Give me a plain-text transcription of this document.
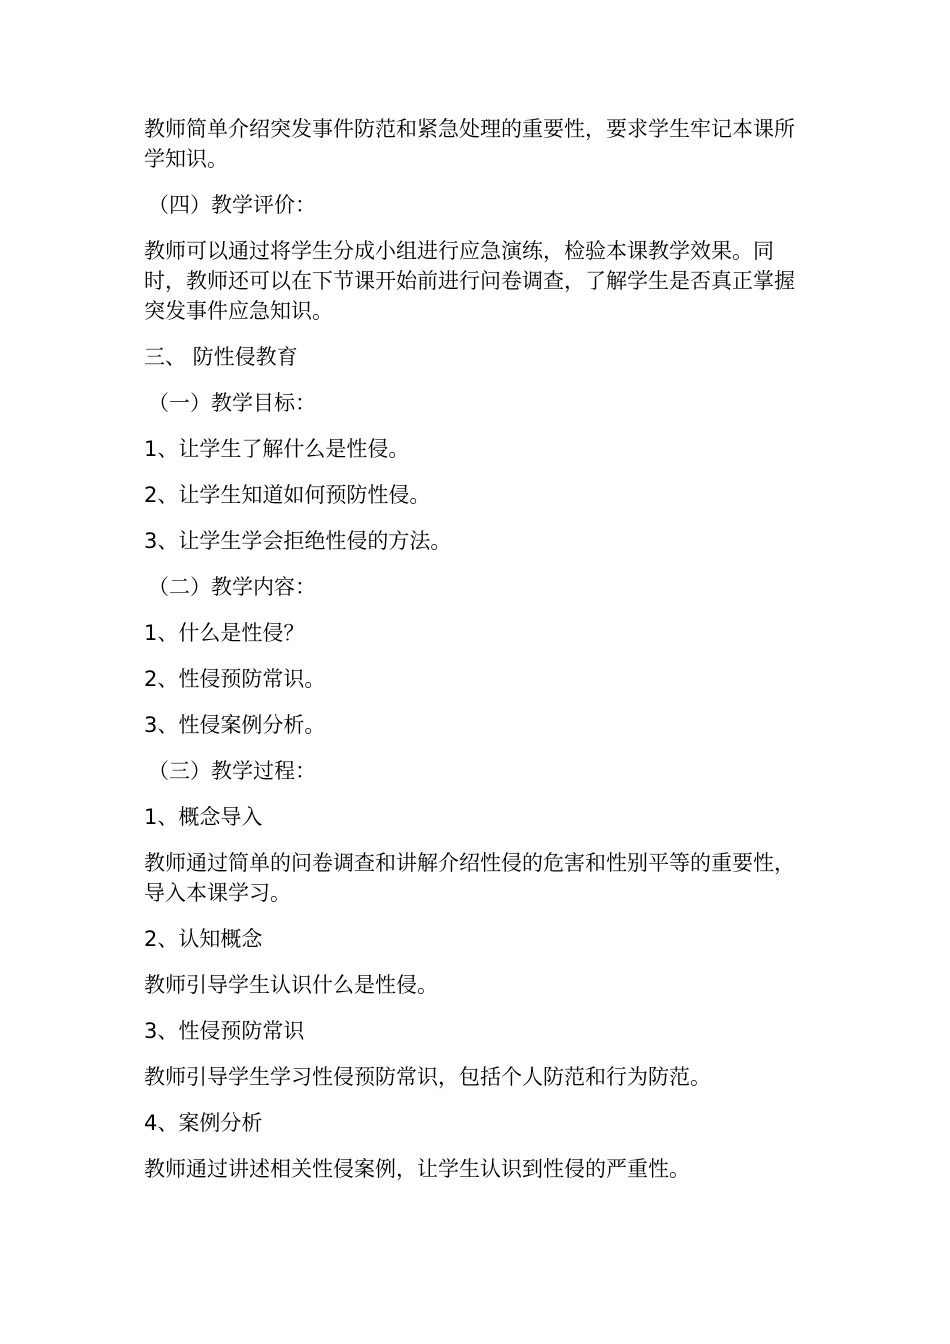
教师简单介绍突发事件防范和紧急处理的重要性，要求学生牢记本课所学知识。

（四）教学评价：

教师可以通过将学生分成小组进行应急演练，检验本课教学效果。同时，教师还可以在下节课开始前进行问卷调查，了解学生是否真正掌握突发事件应急知识。

三、 防性侵教育

（一）教学目标：

1、让学生了解什么是性侵。

2、让学生知道如何预防性侵。

3、让学生学会拒绝性侵的方法。

（二）教学内容：

1、什么是性侵？

2、性侵预防常识。

3、性侵案例分析。

（三）教学过程：

1、概念导入

教师通过简单的问卷调查和讲解介绍性侵的危害和性别平等的重要性，导入本课学习。

2、认知概念

教师引导学生认识什么是性侵。

3、性侵预防常识

教师引导学生学习性侵预防常识，包括个人防范和行为防范。

4、案例分析

教师通过讲述相关性侵案例，让学生认识到性侵的严重性。
